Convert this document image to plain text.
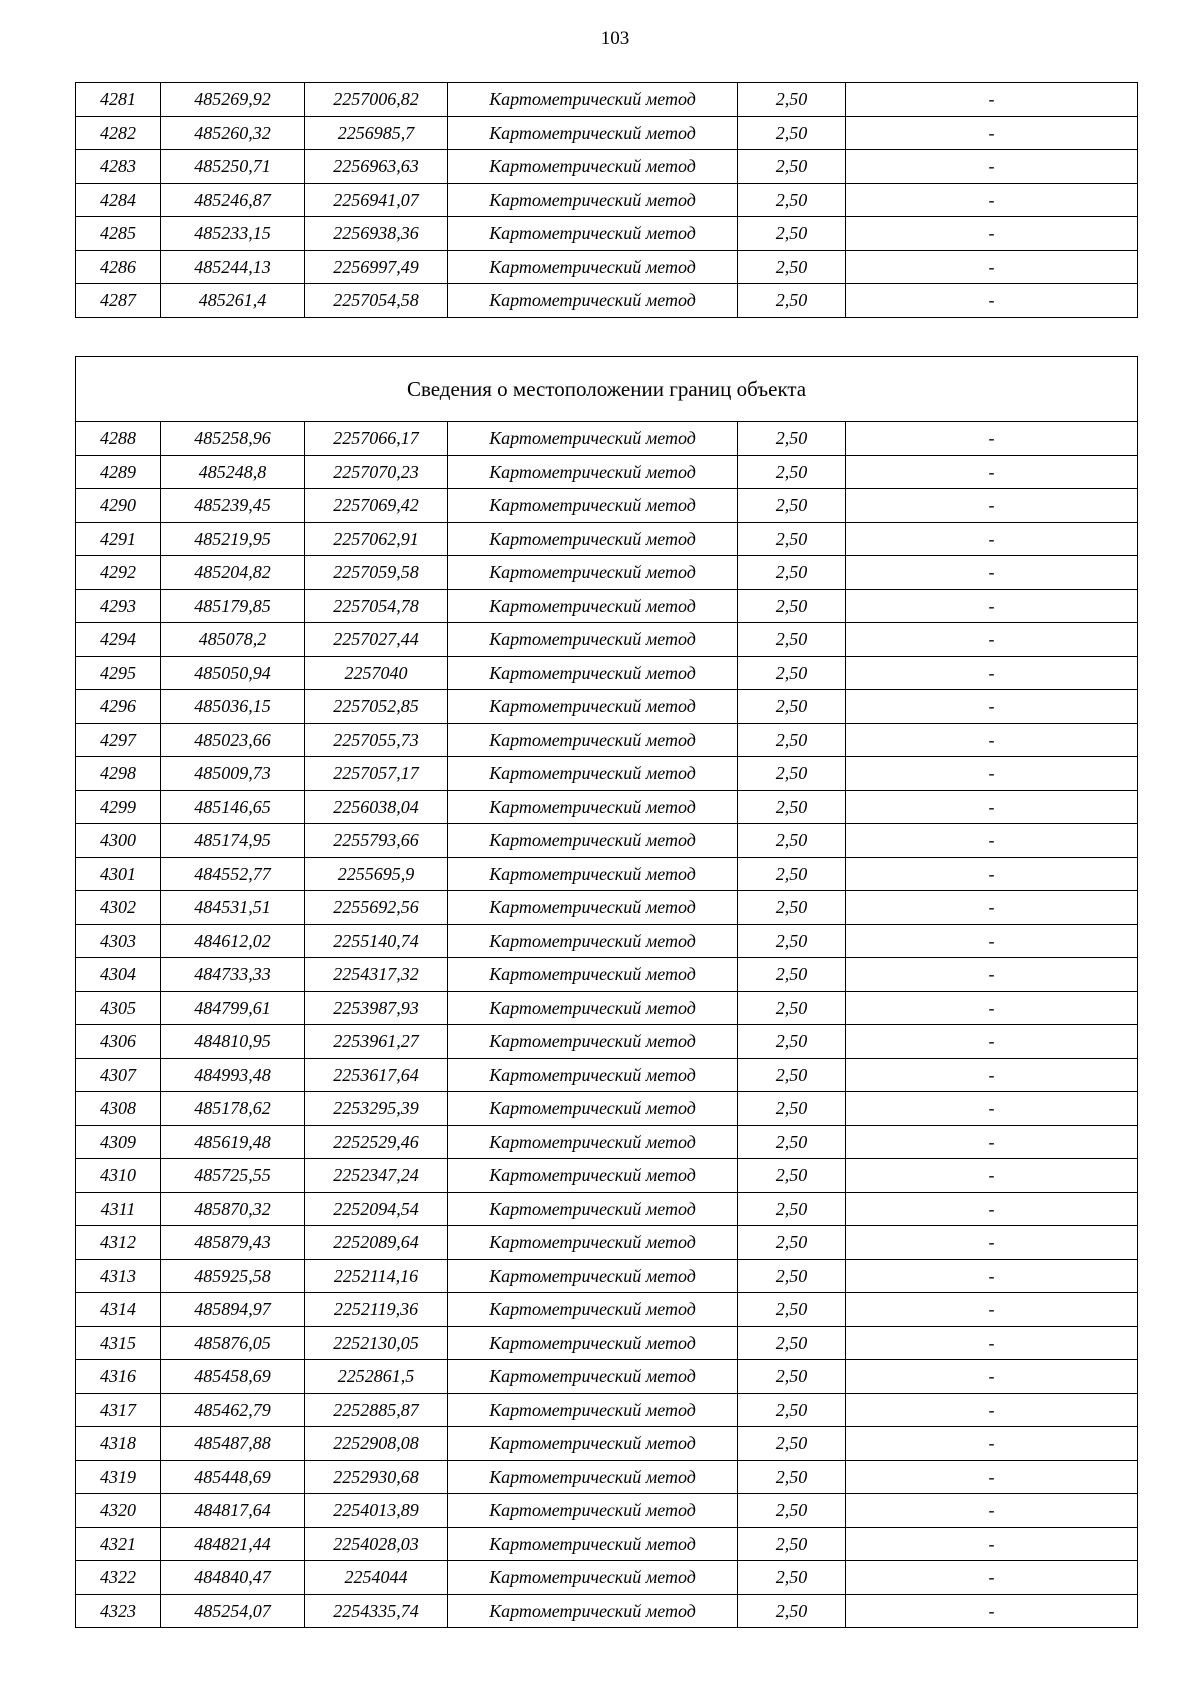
103
4281	485269,92	2257006,82	Картометрический метод	2,50	-
4282	485260,32	2256985,7	Картометрический метод	2,50	-
4283	485250,71	2256963,63	Картометрический метод	2,50	-
4284	485246,87	2256941,07	Картометрический метод	2,50	-
4285	485233,15	2256938,36	Картометрический метод	2,50	-
4286	485244,13	2256997,49	Картометрический метод	2,50	-
4287	485261,4	2257054,58	Картометрический метод	2,50	-
Сведения о местоположении границ объекта					
4288	485258,96	2257066,17	Картометрический метод	2,50	-
4289	485248,8	2257070,23	Картометрический метод	2,50	-
4290	485239,45	2257069,42	Картометрический метод	2,50	-
4291	485219,95	2257062,91	Картометрический метод	2,50	-
4292	485204,82	2257059,58	Картометрический метод	2,50	-
4293	485179,85	2257054,78	Картометрический метод	2,50	-
4294	485078,2	2257027,44	Картометрический метод	2,50	-
4295	485050,94	2257040	Картометрический метод	2,50	-
4296	485036,15	2257052,85	Картометрический метод	2,50	-
4297	485023,66	2257055,73	Картометрический метод	2,50	-
4298	485009,73	2257057,17	Картометрический метод	2,50	-
4299	485146,65	2256038,04	Картометрический метод	2,50	-
4300	485174,95	2255793,66	Картометрический метод	2,50	-
4301	484552,77	2255695,9	Картометрический метод	2,50	-
4302	484531,51	2255692,56	Картометрический метод	2,50	-
4303	484612,02	2255140,74	Картометрический метод	2,50	-
4304	484733,33	2254317,32	Картометрический метод	2,50	-
4305	484799,61	2253987,93	Картометрический метод	2,50	-
4306	484810,95	2253961,27	Картометрический метод	2,50	-
4307	484993,48	2253617,64	Картометрический метод	2,50	-
4308	485178,62	2253295,39	Картометрический метод	2,50	-
4309	485619,48	2252529,46	Картометрический метод	2,50	-
4310	485725,55	2252347,24	Картометрический метод	2,50	-
4311	485870,32	2252094,54	Картометрический метод	2,50	-
4312	485879,43	2252089,64	Картометрический метод	2,50	-
4313	485925,58	2252114,16	Картометрический метод	2,50	-
4314	485894,97	2252119,36	Картометрический метод	2,50	-
4315	485876,05	2252130,05	Картометрический метод	2,50	-
4316	485458,69	2252861,5	Картометрический метод	2,50	-
4317	485462,79	2252885,87	Картометрический метод	2,50	-
4318	485487,88	2252908,08	Картометрический метод	2,50	-
4319	485448,69	2252930,68	Картометрический метод	2,50	-
4320	484817,64	2254013,89	Картометрический метод	2,50	-
4321	484821,44	2254028,03	Картометрический метод	2,50	-
4322	484840,47	2254044	Картометрический метод	2,50	-
4323	485254,07	2254335,74	Картометрический метод	2,50	-
